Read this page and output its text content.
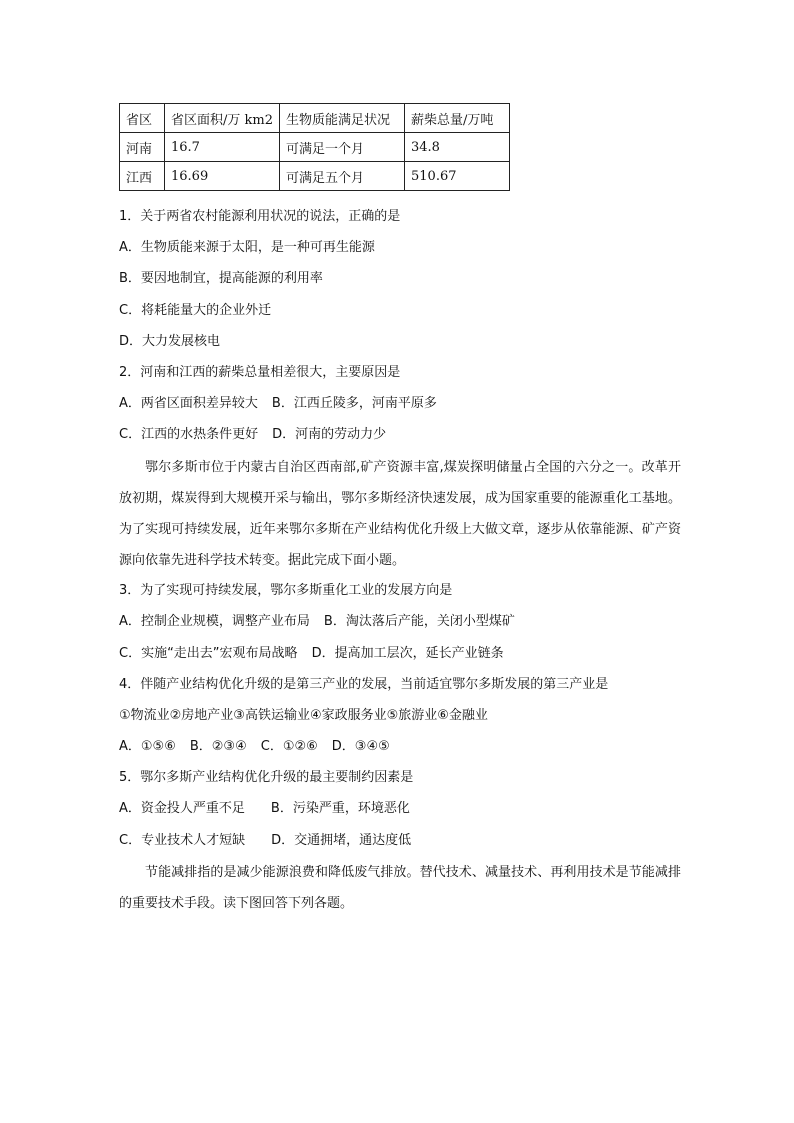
省区	省区面积/万 km2	生物质能满足状况	薪柴总量/万吨
河南	16.7	可满足一个月	34.8
江西	16.69	可满足五个月	510.67
1．关于两省农村能源利用状况的说法，正确的是
A．生物质能来源于太阳，是一种可再生能源
B．要因地制宜，提高能源的利用率
C．将耗能量大的企业外迁
D．大力发展核电
2．河南和江西的薪柴总量相差很大，主要原因是
A．两省区面积差异较大 B．江西丘陵多，河南平原多
C．江西的水热条件更好 D．河南的劳动力少
鄂尔多斯市位于内蒙古自治区西南部,矿产资源丰富,煤炭探明储量占全国的六分之一。改革开放初期，煤炭得到大规模开采与输出，鄂尔多斯经济快速发展，成为国家重要的能源重化工基地。为了实现可持续发展，近年来鄂尔多斯在产业结构优化升级上大做文章，逐步从依靠能源、矿产资源向依靠先进科学技术转变。据此完成下面小题。
3．为了实现可持续发展，鄂尔多斯重化工业的发展方向是
A．控制企业规模，调整产业布局 B．淘汰落后产能，关闭小型煤矿
C．实施“走出去”宏观布局战略 D．提高加工层次，延长产业链条
4．伴随产业结构优化升级的是第三产业的发展，当前适宜鄂尔多斯发展的第三产业是
①物流业②房地产业③高铁运输业④家政服务业⑤旅游业⑥金融业
A．①⑤⑥ B．②③④ C．①②⑥ D．③④⑤
5．鄂尔多斯产业结构优化升级的最主要制约因素是
A．资金投人严重不足 B．污染严重，环境恶化
C．专业技术人才短缺 D．交通拥堵，通达度低
节能减排指的是减少能源浪费和降低废气排放。替代技术、减量技术、再利用技术是节能减排的重要技术手段。读下图回答下列各题。
